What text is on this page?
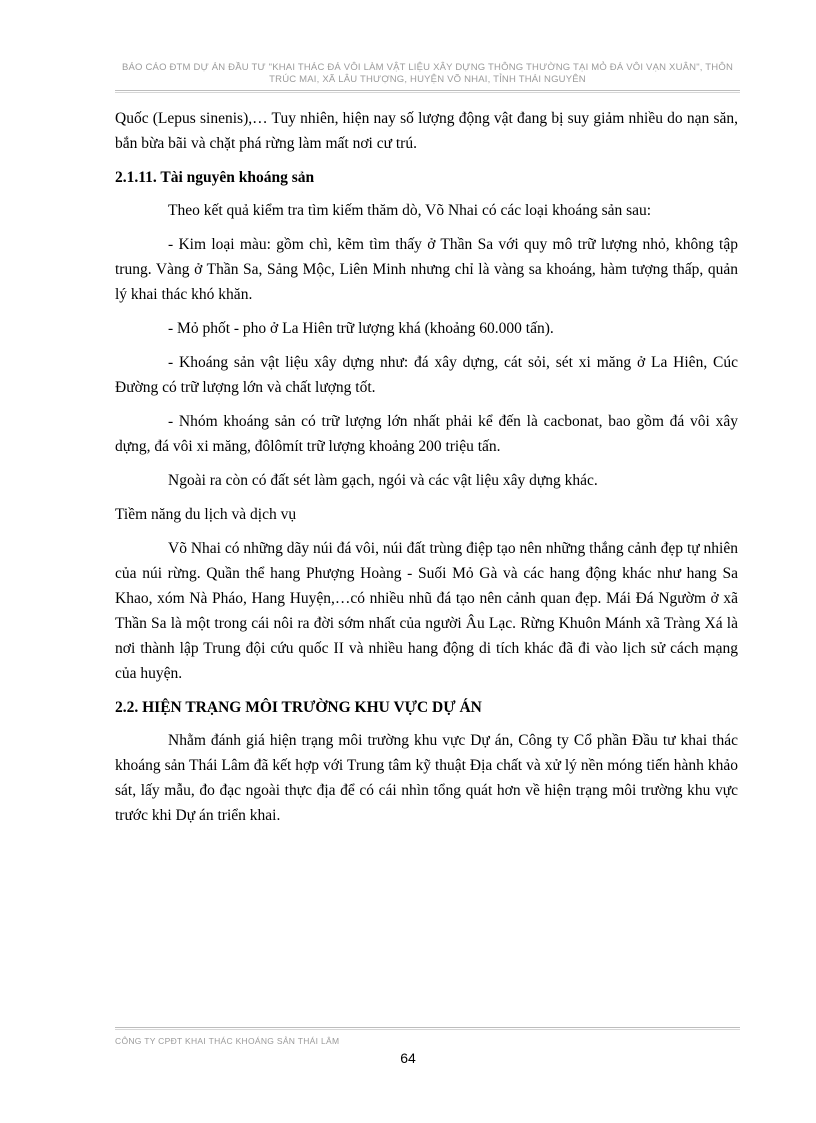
BÁO CÁO ĐTM DỰ ÁN ĐẦU TƯ "KHAI THÁC ĐÁ VÔI LÀM VẬT LIỆU XÂY DỰNG THÔNG THƯỜNG TẠI MỎ ĐÁ VÔI VẠN XUÂN", THÔN TRÚC MAI, XÃ LÂU THƯỢNG, HUYỆN VÕ NHAI, TỈNH THÁI NGUYÊN

Quốc (Lepus sinenis),… Tuy nhiên, hiện nay số lượng động vật đang bị suy giảm nhiều do nạn săn, bắn bừa bãi và chặt phá rừng làm mất nơi cư trú.

2.1.11. Tài nguyên khoáng sản

Theo kết quả kiểm tra tìm kiếm thăm dò, Võ Nhai có các loại khoáng sản sau:

- Kim loại màu: gồm chì, kẽm tìm thấy ở Thần Sa với quy mô trữ lượng nhỏ, không tập trung. Vàng ở Thần Sa, Sảng Mộc, Liên Minh nhưng chỉ là vàng sa khoáng, hàm tượng thấp, quản lý khai thác khó khăn.

- Mỏ phốt - pho ở La Hiên trữ lượng khá (khoảng 60.000 tấn).

- Khoáng sản vật liệu xây dựng như: đá xây dựng, cát sỏi, sét xi măng ở La Hiên, Cúc Đường có trữ lượng lớn và chất lượng tốt.

- Nhóm khoáng sản có trữ lượng lớn nhất phải kể đến là cacbonat, bao gồm đá vôi xây dựng, đá vôi xi măng, đôlômít trữ lượng khoảng 200 triệu tấn.

Ngoài ra còn có đất sét làm gạch, ngói và các vật liệu xây dựng khác.

Tiềm năng du lịch và dịch vụ

Võ Nhai có những dãy núi đá vôi, núi đất trùng điệp tạo nên những thắng cảnh đẹp tự nhiên của núi rừng. Quần thể hang Phượng Hoàng - Suối Mỏ Gà và các hang động khác như hang Sa Khao, xóm Nà Pháo, Hang Huyện,…có nhiều nhũ đá tạo nên cảnh quan đẹp. Mái Đá Ngườm ở xã Thần Sa là một trong cái nôi ra đời sớm nhất của người Âu Lạc. Rừng Khuôn Mánh xã Tràng Xá là nơi thành lập Trung đội cứu quốc II và nhiều hang động di tích khác đã đi vào lịch sử cách mạng của huyện.

2.2. HIỆN TRẠNG MÔI TRƯỜNG KHU VỰC DỰ ÁN

Nhằm đánh giá hiện trạng môi trường khu vực Dự án, Công ty Cổ phần Đầu tư khai thác khoáng sản Thái Lâm đã kết hợp với Trung tâm kỹ thuật Địa chất và xử lý nền móng tiến hành khảo sát, lấy mẫu, đo đạc ngoài thực địa để có cái nhìn tổng quát hơn về hiện trạng môi trường khu vực trước khi Dự án triển khai.

CÔNG TY CPĐT KHAI THÁC KHOÁNG SẢN THÁI LÂM
64
